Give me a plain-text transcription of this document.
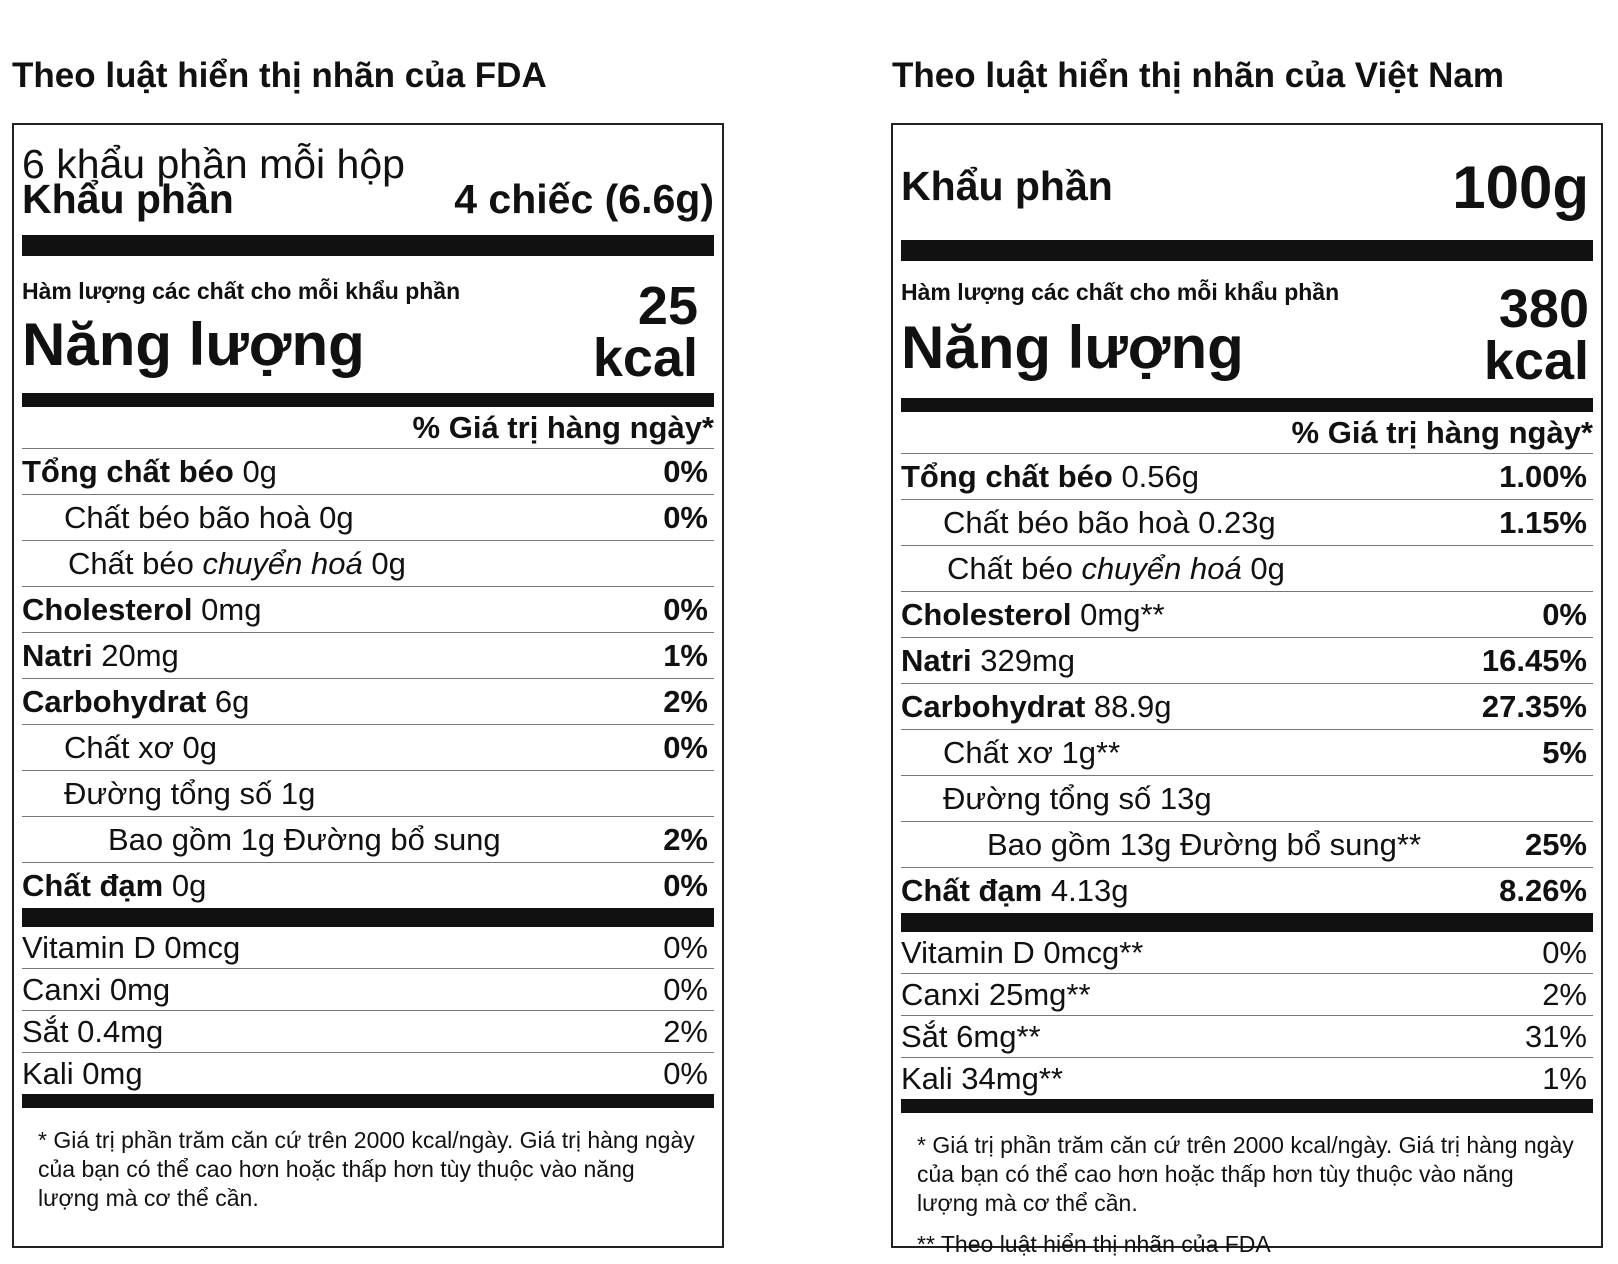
Theo luật hiển thị nhãn của FDA
6 khẩu phần mỗi hộp
Khẩu phần	4 chiếc (6.6g)
Hàm lượng các chất cho mỗi khẩu phần
Năng lượng
25
kcal
% Giá trị hàng ngày*
Tổng chất béo 0g	0%
Chất béo bão hoà 0g	0%
Chất béo chuyển hoá 0g
Cholesterol 0mg	0%
Natri 20mg	1%
Carbohydrat 6g	2%
Chất xơ 0g	0%
Đường tổng số 1g
Bao gồm 1g Đường bổ sung	2%
Chất đạm 0g	0%
Vitamin D 0mcg	0%
Canxi 0mg	0%
Sắt 0.4mg	2%
Kali 0mg	0%
* Giá trị phần trăm căn cứ trên 2000 kcal/ngày. Giá trị hàng ngày của bạn có thể cao hơn hoặc thấp hơn tùy thuộc vào năng lượng mà cơ thể cần.
Theo luật hiển thị nhãn của Việt Nam
Khẩu phần	100g
Hàm lượng các chất cho mỗi khẩu phần
Năng lượng
380
kcal
% Giá trị hàng ngày*
Tổng chất béo 0.56g	1.00%
Chất béo bão hoà 0.23g	1.15%
Chất béo chuyển hoá 0g
Cholesterol 0mg**	0%
Natri 329mg	16.45%
Carbohydrat 88.9g	27.35%
Chất xơ 1g**	5%
Đường tổng số 13g
Bao gồm 13g Đường bổ sung**	25%
Chất đạm 4.13g	8.26%
Vitamin D 0mcg**	0%
Canxi 25mg**	2%
Sắt 6mg**	31%
Kali 34mg**	1%
* Giá trị phần trăm căn cứ trên 2000 kcal/ngày. Giá trị hàng ngày của bạn có thể cao hơn hoặc thấp hơn tùy thuộc vào năng lượng mà cơ thể cần.
** Theo luật hiển thị nhãn của FDA
